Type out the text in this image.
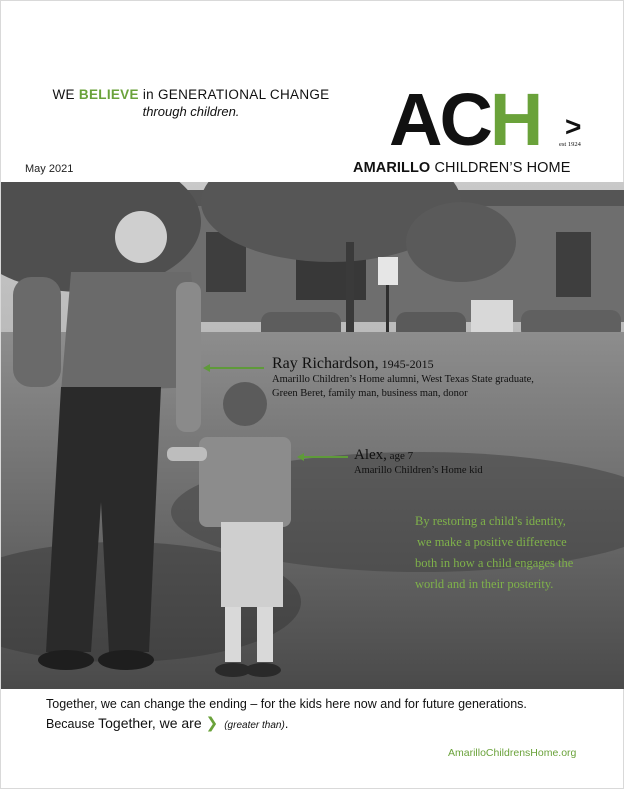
WE BELIEVE in GENERATIONAL CHANGE
through children.	ACH >
est 1924
AMARILLO CHILDREN’S HOME
May 2021
Ray Richardson, 1945-2015
Amarillo Children’s Home alumni, West Texas State graduate,
Green Beret, family man, business man, donor
Alex, age 7
Amarillo Children’s Home kid
By restoring a child’s identity,
we make a positive difference
both in how a child engages the
world and in their posterity.
Together, we can change the ending – for the kids here now and for future generations.
Because Together, we are ❯ (greater than).
AmarilloChildrensHome.org
